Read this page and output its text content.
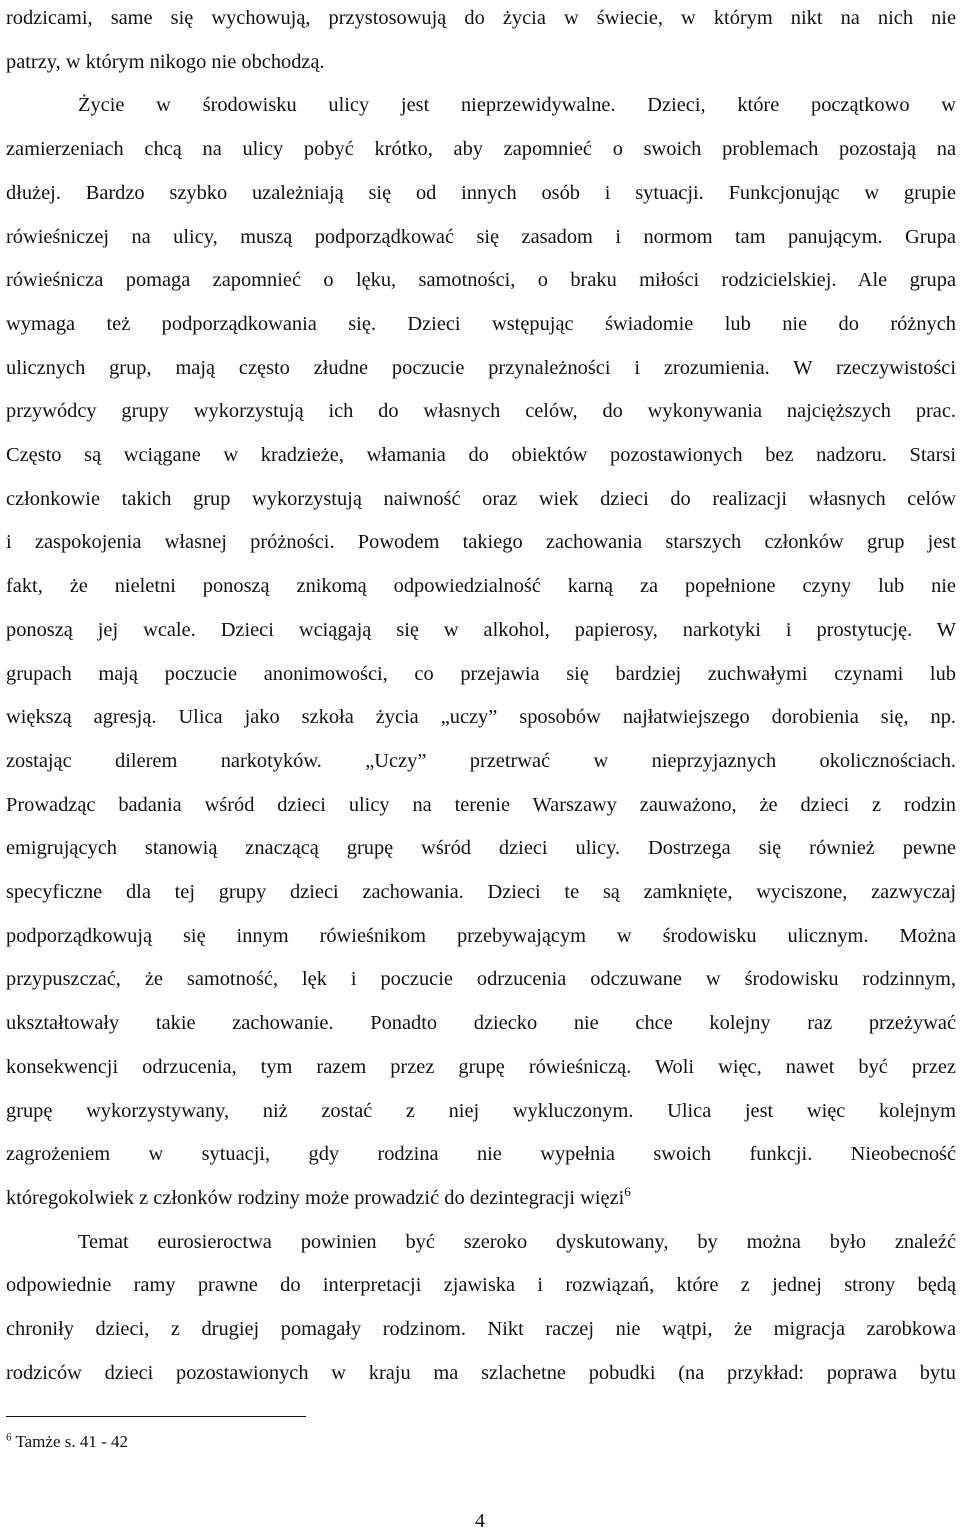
rodzicami, same się wychowują, przystosowują do życia w świecie, w którym nikt na nich nie

patrzy, w którym nikogo nie obchodzą.

Życie w środowisku ulicy jest nieprzewidywalne. Dzieci, które początkowo w

zamierzeniach chcą na ulicy pobyć krótko, aby zapomnieć o swoich problemach pozostają na

dłużej. Bardzo szybko uzależniają się od innych osób i sytuacji. Funkcjonując w grupie

rówieśniczej na ulicy, muszą podporządkować się zasadom i normom tam panującym. Grupa

rówieśnicza pomaga zapomnieć o lęku, samotności, o braku miłości rodzicielskiej. Ale grupa

wymaga też podporządkowania się. Dzieci wstępując świadomie lub nie do różnych

ulicznych grup, mają często złudne poczucie przynależności i zrozumienia. W rzeczywistości

przywódcy grupy wykorzystują ich do własnych celów, do wykonywania najcięższych prac.

Często są wciągane w kradzieże, włamania do obiektów pozostawionych bez nadzoru. Starsi

członkowie takich grup wykorzystują naiwność oraz wiek dzieci do realizacji własnych celów

i zaspokojenia własnej próżności. Powodem takiego zachowania starszych członków grup jest

fakt, że nieletni ponoszą znikomą odpowiedzialność karną za popełnione czyny lub nie

ponoszą jej wcale. Dzieci wciągają się w alkohol, papierosy, narkotyki i prostytucję. W

grupach mają poczucie anonimowości, co przejawia się bardziej zuchwałymi czynami lub

większą agresją. Ulica jako szkoła życia „uczy” sposobów najłatwiejszego dorobienia się, np.

zostając dilerem narkotyków. „Uczy” przetrwać w nieprzyjaznych okolicznościach.

Prowadząc badania wśród dzieci ulicy na terenie Warszawy zauważono, że dzieci z rodzin

emigrujących stanowią znaczącą grupę wśród dzieci ulicy. Dostrzega się również pewne

specyficzne dla tej grupy dzieci zachowania. Dzieci te są zamknięte, wyciszone, zazwyczaj

podporządkowują się innym rówieśnikom przebywającym w środowisku ulicznym. Można

przypuszczać, że samotność, lęk i poczucie odrzucenia odczuwane w środowisku rodzinnym,

ukształtowały takie zachowanie. Ponadto dziecko nie chce kolejny raz przeżywać

konsekwencji odrzucenia, tym razem przez grupę rówieśniczą. Woli więc, nawet być przez

grupę wykorzystywany, niż zostać z niej wykluczonym. Ulica jest więc kolejnym

zagrożeniem w sytuacji, gdy rodzina nie wypełnia swoich funkcji. Nieobecność

któregokolwiek z członków rodziny może prowadzić do dezintegracji więzi$^6$

Temat eurosieroctwa powinien być szeroko dyskutowany, by można było znaleźć

odpowiednie ramy prawne do interpretacji zjawiska i rozwiązań, które z jednej strony będą

chroniły dzieci, z drugiej pomagały rodzinom. Nikt raczej nie wątpi, że migracja zarobkowa

rodziców dzieci pozostawionych w kraju ma szlachetne pobudki (na przykład: poprawa bytu

$^6$ Tamże s. 41 - 42
4
